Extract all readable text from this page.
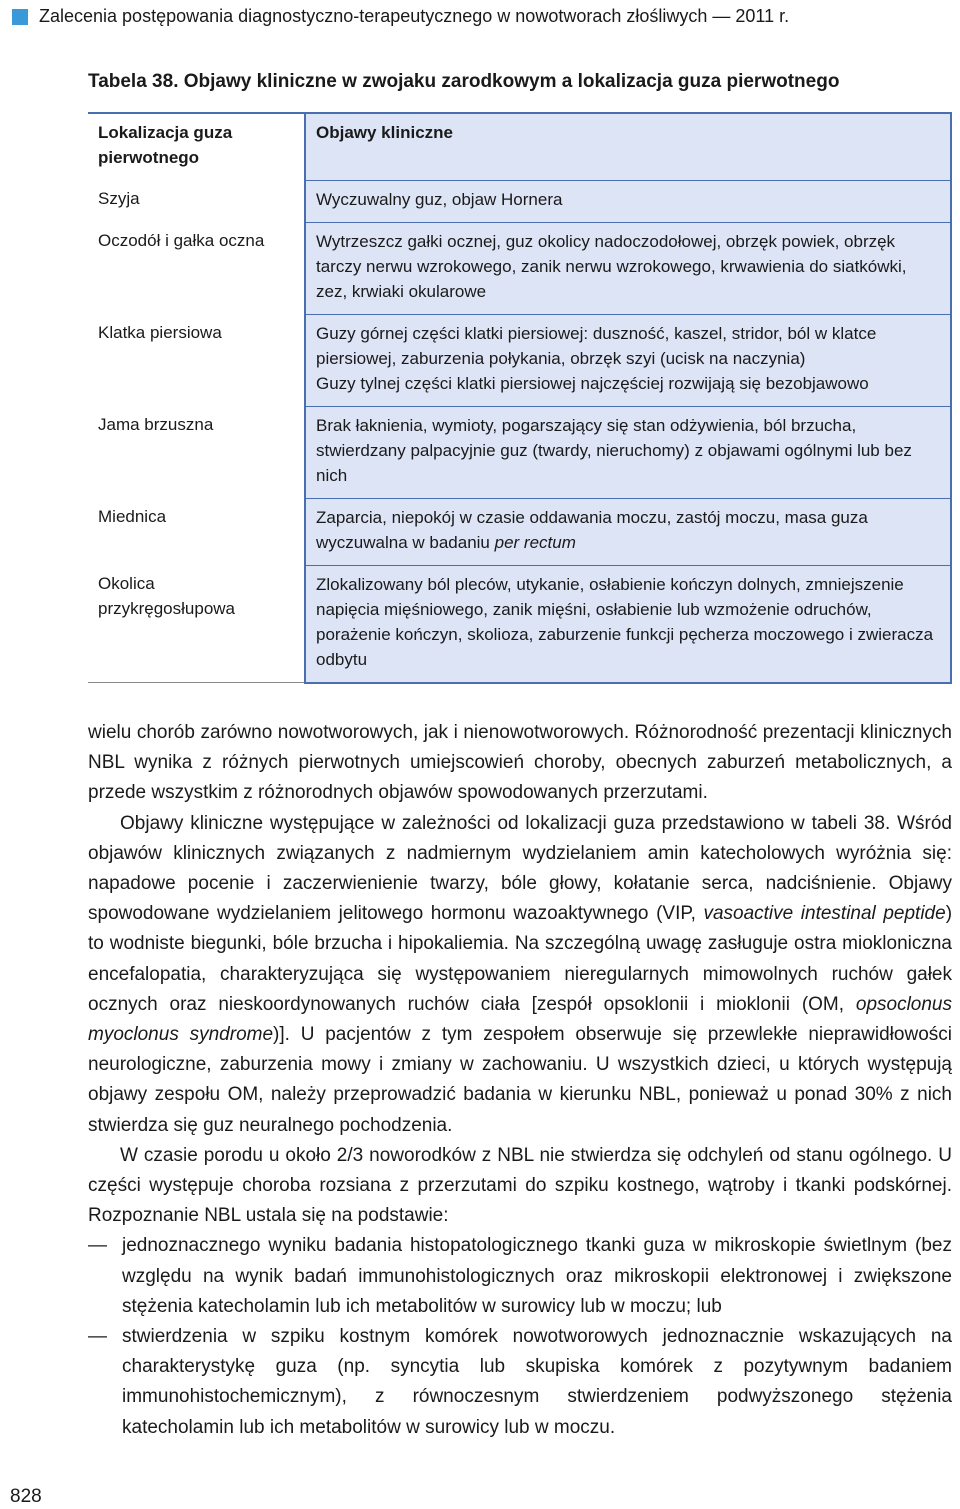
Zalecenia postępowania diagnostyczno-terapeutycznego w nowotworach złośliwych — 2011 r.
Tabela 38. Objawy kliniczne w zwojaku zarodkowym a lokalizacja guza pierwotnego
Lokalizacja guza pierwotnego	Objawy kliniczne
Szyja	Wyczuwalny guz, objaw Hornera
Oczodół i gałka oczna	Wytrzeszcz gałki ocznej, guz okolicy nadoczodołowej, obrzęk powiek, obrzęk tarczy nerwu wzrokowego, zanik nerwu wzrokowego, krwawienia do siatkówki, zez, krwiaki okularowe
Klatka piersiowa	Guzy górnej części klatki piersiowej: duszność, kaszel, stridor, ból w klatce piersiowej, zaburzenia połykania, obrzęk szyi (ucisk na naczynia)
Guzy tylnej części klatki piersiowej najczęściej rozwijają się bezobjawowo

Jama brzuszna	Brak łaknienia, wymioty, pogarszający się stan odżywienia, ból brzucha, stwierdzany palpacyjnie guz (twardy, nieruchomy) z objawami ogólnymi lub bez nich
Miednica	Zaparcia, niepokój w czasie oddawania moczu, zastój moczu, masa guza wyczuwalna w badaniu per rectum
Okolica przykręgosłupowa	Zlokalizowany ból pleców, utykanie, osłabienie kończyn dolnych, zmniejszenie napięcia mięśniowego, zanik mięśni, osłabienie lub wzmożenie odruchów, porażenie kończyn, skolioza, zaburzenie funkcji pęcherza moczowego i zwieracza odbytu

wielu chorób zarówno nowotworowych, jak i nienowotworowych. Różnorodność prezentacji klinicznych NBL wynika z różnych pierwotnych umiejscowień choroby, obecnych zaburzeń metabolicznych, a przede wszystkim z różnorodnych objawów spowodowanych przerzutami.

Objawy kliniczne występujące w zależności od lokalizacji guza przedstawiono w tabeli 38. Wśród objawów klinicznych związanych z nadmiernym wydzielaniem amin katecholowych wyróżnia się: napadowe pocenie i zaczerwienienie twarzy, bóle głowy, kołatanie serca, nadciśnienie. Objawy spowodowane wydzielaniem jelitowego hormonu wazoaktywnego (VIP, vasoactive intestinal peptide) to wodniste biegunki, bóle brzucha i hipokaliemia. Na szczególną uwagę zasługuje ostra miokloniczna encefalopatia, charakteryzująca się występowaniem nieregularnych mimowolnych ruchów gałek ocznych oraz nieskoordynowanych ruchów ciała [zespół opsoklonii i mioklonii (OM, opsoclonus myoclonus syndrome)]. U pacjentów z tym zespołem obserwuje się przewlekłe nieprawidłowości neurologiczne, zaburzenia mowy i zmiany w zachowaniu. U wszystkich dzieci, u których występują objawy zespołu OM, należy przeprowadzić badania w kierunku NBL, ponieważ u ponad 30% z nich stwierdza się guz neuralnego pochodzenia.

W czasie porodu u około 2/3 noworodków z NBL nie stwierdza się odchyleń od stanu ogólnego. U części występuje choroba rozsiana z przerzutami do szpiku kostnego, wątroby i tkanki podskórnej. Rozpoznanie NBL ustala się na podstawie:

— jednoznacznego wyniku badania histopatologicznego tkanki guza w mikroskopie świetlnym (bez względu na wynik badań immunohistologicznych oraz mikroskopii elektronowej i zwiększone stężenia katecholamin lub ich metabolitów w surowicy lub w moczu; lub
— stwierdzenia w szpiku kostnym komórek nowotworowych jednoznacznie wskazujących na charakterystykę guza (np. syncytia lub skupiska komórek z pozytywnym badaniem immunohistochemicznym), z równoczesnym stwierdzeniem podwyższonego stężenia katecholamin lub ich metabolitów w surowicy lub w moczu.
828
